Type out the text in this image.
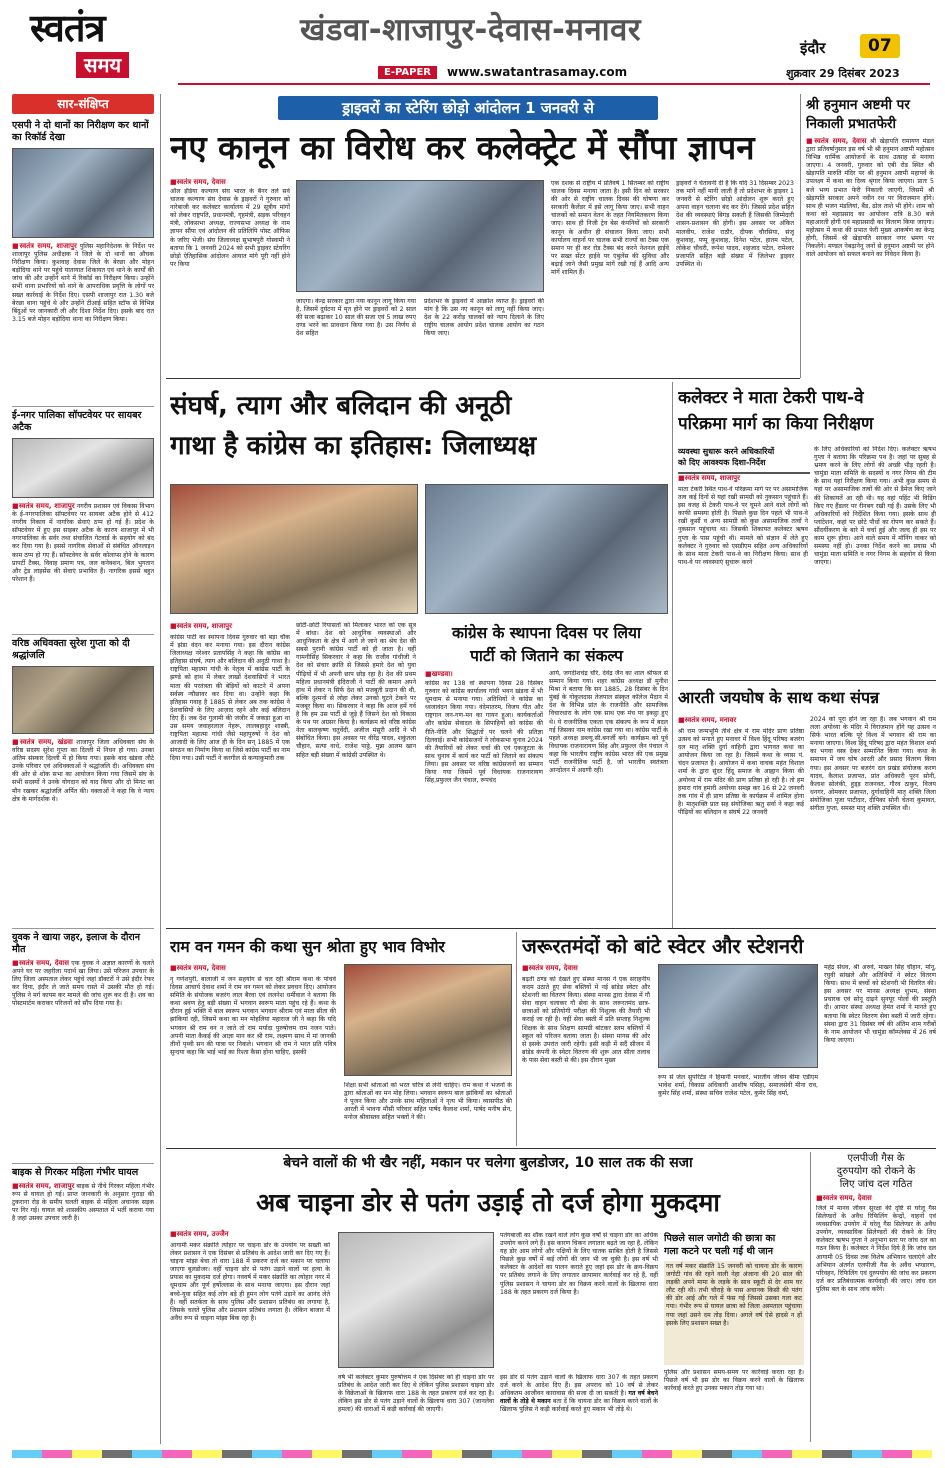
स्वतंत्र
समय
खंडवा-शाजापुर-देवास-मनावर
E-PAPER	www.swatantrasamay.com
इंदौर	07
शुक्रवार 29 दिसंबर 2023
सार-संक्षिप्त
एसपी ने दो थानों का निरीक्षण कर थानों का रिकॉर्ड देखा
■ स्वतंत्र समय, शाजापुर पुलिस महानिदेशक के निर्देश पर शाजापुर पुलिस अधीक्षक ने जिले के दो थानों का औचक निरीक्षण किया। कुशवाह देवास जिले के बेरछा और मोहन बड़ोदिया थाने पर पहुंचे यातायात शिकायत एवं थाने के कार्यों की जांच की और उन्होंने थाने में रिकॉर्ड का निरीक्षण किया। उन्होंने सभी थाना प्रभारियों को थाने के आपराधिक प्रवृत्ति के लोगों पर सख्त कार्रवाई के निर्देश दिए। एसपी शाजापुर रात 1.30 बजे बेरछा थाना पहुंचे थे और उन्होंने टीआई सहित स्टॉफ से विभिन्न बिंदुओं पर जानकारी ली और दिशा निर्देश दिए। इसके बाद रात 3.15 बजे मोहन बड़ोदिया थाना का निरीक्षण किया।
ई-नगर पालिका सॉफ्टवेयर पर सायबर अटैक
■ स्वतंत्र समय, शाजापुर नगरीय प्रशासन एवं विकास विभाग के ई-नगरपालिका सॉफ्टवेयर पर सायबर अटैक होने से 412 नगरीय निकाय में नागरिक सेवाएं ठप्प हो गई हैं। प्रदेश के सॉफ्टवेयर में हुए इस साइबर अटैक के कारण शाजापुर में भी नगरपालिका के सर्वर तथा संचालित गेटवार्ड के सहयोग को बंद कर दिया गया है। इससे नागरिक सेवाओं से संबंधित ऑनलाइन काम ठप्प हो गए हैं। सॉफ्टवेयर के सर्वर कोलाप्स होने के कारण प्रापर्टी टैक्स, विवाह प्रमाण पत्र, जल कनेक्शन, बिल भुगतान और ट्रेड लाइसेंस की सेवाएं प्रभावित हैं। नागरिक इससे बहुत परेशान हैं।
वरिष्ठ अधिवक्ता सुरेश गुप्ता को दी श्रद्धांजलि
■ स्वतंत्र समय, खंडवा शाजापुर जिला अधिवक्ता संघ के वरिष्ठ सदस्य सुरेश गुप्ता का दिल्ली में निधन हो गया। उनका अंतिम संस्कार दिल्ली में हो किया गया। इसके बाद खंडवा लौटे उनके परिवार एवं अधिवक्ताओं ने श्रद्धांजलि दी। अधिवक्ता संघ की ओर से शोक सभा का आयोजन किया गया जिसमें संघ के सभी सदस्यों ने उनके योगदान को याद किया और दो मिनट का मौन रखकर श्रद्धांजलि अर्पित की। वक्ताओं ने कहा कि वे न्याय क्षेत्र के मार्गदर्शक थे।
युवक ने खाया जहर, इलाज के दौरान मौत
■ स्वतंत्र समय, देवास एक युवक ने अज्ञात कारणों के चलते अपने घर पर जहरीला पदार्थ खा लिया। उसे परिजन उपचार के लिए जिला अस्पताल लेकर पहुंचे जहां डॉक्टरों ने उसे इंदौर रेफर कर दिया, इंदौर ले जाते समय रास्ते में उसकी मौत हो गई। पुलिस ने मर्ग कायम कर मामले की जांच शुरू कर दी है। शव का पोस्टमार्टम कराकर परिजनों को सौंप दिया गया है।
बाइक से गिरकर महिला गंभीर घायल
■ स्वतंत्र समय, शाजापुर बाइक से नीचे गिरकर महिला गंभीर रूप से घायल हो गई। प्राप्त जानकारी के अनुसार गुराड़ा की टुकराना रोड़ के समीप चलती बाइक से महिला अचानक सड़क पर गिर गई। घायल को शासकीय अस्पताल में भर्ती कराया गया है जहां उसका उपचार जारी है।
ड्राइवरों का स्टेरिंग छोड़ो आंदोलन 1 जनवरी से
नए कानून का विरोध कर कलेक्ट्रेट में सौंपा ज्ञापन
■ स्वतंत्र समय, देवास
ऑल इंडिया कल्याण संघ भारत के बैनर तले सर्व चालक कल्याण संघ देवास के ड्राइवरों ने गुरुवार को नारेबाजी कर कलेक्टर कार्यालय में 29 सूत्रीय मांगों को लेकर राष्ट्रपति, प्रधानमंत्री, गृहमंत्री, सड़क परिवहन मंत्री, लोकसभा अध्यक्ष, राज्यसभा अध्यक्ष के नाम ज्ञापन सौंपा एवं आंदोलन की प्रतिलिपि पोस्ट ऑफिस के जरिए भेजी। संघ जिलाध्यक्ष सुभाषपुरी गोस्वामी ने बताया कि 1 जनवरी 2024 को सभी ड्राइवर स्टेयरिंग छोड़ो ऐतिहासिक आंदोलन आयात मांगे पूरी नहीं होने पर किया
जाएगा। केन्द्र सरकार द्वारा नया कानून लागू किया गया है, जिसमें दुर्घटना में मृत होने पर ड्राइवरों को 2 साल की सजा बढ़ाकर 10 साल की सजा एवं 5 लाख रुपए दण्ड भरने का प्रावधान किया गया है। उस निर्णय से देश सहित
प्रदेशभर के ड्राइवरों में आक्रोश व्याप्त है। ड्राइवरों की मांग है कि उस नए कानून को लागू नहीं किया जाए। देश के 22 करोड़ चालकों को न्याय दिलाने के लिए राष्ट्रीय चालक आयोग प्रदेश चालक आयोग का गठन किया जाए।
एक दशक से राष्ट्रीय में प्रतिवर्ष 1 सितम्बर को राष्ट्रीय चालक दिवस मनाया जाता है। इसी दिन को सरकार की ओर से राष्ट्रीय चालक दिवस की घोषणा कर सरकारी कैलेंडर में इसे लागू किया जाए। सभी वाहन चालकों को समान वेतन के तहत नियमितकरण किया जाए। साथ ही निजी ट्रेव बेस कंपनियों को सरकारी कानून के अधीन ही संचालन किया जाए। सभी कार्यालय वाहनों पर चालक सभी राज्यों का टैक्स एक समान पर ही कर रोड टैक्स बंद करने नेशनल हाईवे पर सख्त सेंटर हाईवे पर एंबुलेंस की सुविधा और बढ़ाई जाने जैसी प्रमुख मांगें रखी गई हैं आदि अन्य मांगें शामिल हैं।
ड्राइवरों ने चेतावनी दी है कि यदि 31 दिसम्बर 2023 तक मांगें नहीं मानी जाती हैं तो प्रदेशभर के ड्राइवर 1 जनवरी से स्टेरिंग छोड़ो आंदोलन शुरू करते हुए अपना वाहन चलाना बंद कर देंगे। जिससे प्रदेश सहित देश की व्यवस्थाएं बिगड़ सकती हैं जिसकी जिम्मेदारी शासन-प्रशासन की होगी। इस अवसर पर अंकित मालवीय, राजेश राठौर, दीपक चौरसिया, संजू कुशवाह, पप्पू कुशवाह, दिनेश पटेल, हातम पटेल, लोकेश चौधरी, रूपेश यादव, शहजाद पटेल, रामेश्वर प्रजापति सहित बड़ी संख्या में जिलेभर ड्राइवर उपस्थित थे।
श्री हनुमान अष्टमी पर
निकाली प्रभातफेरी
■ स्वतंत्र समय, देवास श्री खेड़ापति रामायण मंडल द्वारा प्रतिवर्षानुसार इस वर्ष भी श्री हनुमान अष्टमी महोत्सव विभिन्न धार्मिक आयोजनों के साथ उत्साह से मनाया जाएगा। 4 जनवरी, गुरुवार को एबी रोड स्थित श्री खेड़ापति मारुति मंदिर पर श्री हनुमान अष्टमी महापर्व के उपलक्ष्य में कथा का दिव्य श्रृंगार किया जाएगा। प्रातः 5 बजे भव्य प्रभात फेरी निकाली जाएगी, जिसमें श्री खेड़ापति सरकार अपने नवीन रथ पर विराजमान होंगे। साथ ही भजन मंडलियां, बैंड, ढोल ताशे भी होंगे। शाम को कथा को महाप्रसाद का आयोजन रात्रि 8.30 बजे महाआरती होगी एवं महाप्रसादी का वितरण किया जाएगा। महोत्सव में कथा की प्रभात फेरी मुख्य आकर्षण का केन्द्र होगी, जिसमें श्री खेड़ापति सरकार नगर भ्रमण पर निकलेंगे। मण्डल नेबढ़ानेनू जनों से हनुमान अष्टमी पर होने वाले आयोजन को सफल बनाने का निवेदन किया है।
संघर्ष, त्याग और बलिदान की अनूठी
गाथा है कांग्रेस का इतिहास: जिलाध्यक्ष
■ स्वतंत्र समय, शाजापुर
कांग्रेस पार्टी का स्थापना दिवस गुरुवार को बड़ा चौक में झंडा वंदन कर मनाया गया। इस दौरान कांग्रेस जिलाध्यक्ष नरेश्वर प्रतापसिंह ने कहा कि कांग्रेस का इतिहास संघर्ष, त्याग और बलिदान की अनूठी गाथा है। राष्ट्रपिता महात्मा गांधी के नेतृत्व में कांग्रेस पार्टी के झण्डे को हाथ में लेकर लाखों देशवासियों ने भारत माता की परतंत्रता की बेड़ियों को काटने में अपना सर्वस्व न्यौछावर कर दिया था। उन्होंने कहा कि इतिहास गवाह है 1885 से लेकर अब तक कांग्रेस ने देशवासियों के लिए आज़ाद रहने और कई बलिदान दिए हैं। जब देश गुलामी की जंजीर में जकड़ा हुआ था उस समय जवाहरलाल नेहरू, लालबहादुर शास्त्री, राष्ट्रपिता महात्मा गांधी जैसे महापुरुषों ने देश को आजादी के लिए आज ही के दिन सन् 1885 में एक संगठन का निर्माण किया था जिसे कांग्रेस पार्टी का नाम दिया गया। उसी पार्टी ने करगील से कन्याकुमारी तक
छोटी-छोटी रियासतों को मिलाकर भारत को एक सूत्र में बांधा। देश को आधुनिक व्यवस्थाओं और आधुनिकता के क्षेत्र में आगे ले जाने का श्रेय देश की सबसे पुरानी कांग्रेस पार्टी को ही जाता है। वहीं गामनीसिंह सिकरवार ने कहा कि राजीव गांधीजी ने देश को संचार क्रांति से जिससे हमारे देश को युवा पीढ़ियों में भी अपनी छाप छोड़ रहा है। देश की प्रथम महिला प्रधानमंत्री इंदिराजी ने पार्टी की कमान अपने हाथ में लेकर न सिर्फ देश को मजबूती प्रदान की थी, बल्कि दुश्मनों से लोहा लेकर उनको घुटने टेकने पर मजबूर किया था। सिकरवार ने कहा कि आज हमें गर्व है कि हम उस पार्टी से जुड़े हैं जिसने देश को विकास के पथ पर अग्रसर किया है। कार्यक्रम को वरिष्ठ कांग्रेस नेता बालकृष्ण चतुर्वेदी, अजीज मंसूरी आदि ने भी संबोधित किया। इस अवसर पर वीरेंद्र यादव, शकुंतला चौहान, सत्या वाधे, राजेश पाठ्ठे, मुन्ना आलम खान सहित बड़ी संख्या में कांग्रेसी उपस्थित थे।
कांग्रेस के स्थापना दिवस पर लिया
पार्टी को जिताने का संकल्प
■ खण्डवा।
कांग्रेस का 138 वां स्थापना दिवस 28 दिसंबर गुरुवार को कांग्रेस कार्यालय गांधी भवन खंडवा में भी धूमधाम से मनाया गया। अतिथियों ने कांग्रेस का ध्वजावंदन किया गया। वंदेमातरम, विजय गीत और राष्ट्रगान जन-गण-मन का गायन हुआ। कार्यकर्ताओं और कांग्रेस सेवादल के सिपाहियों को कांग्रेस की रीति-नीति और सिद्धांतों पर चलने की प्रतिज्ञा दिलवाई। सभी कांग्रेसजनों ने लोकसभा चुनाव 2024 की तैयारियों को लेकर चर्चा की एवं एकजुटता के साथ चुनाव में कार्य कर पार्टी को जिताने का संकल्प लिया। इस अवसर पर वरिष्ठ कांग्रेसजनों का सम्मान किया गया जिसमें पूर्व विधायक राजनारायण सिंह,प्रफुल्ल जैन पंचाल, रूपचंद
आर्य, जगदीशचंद्र चौरे, देवेंद्र जैन का शाल श्रीफल से सम्मान किया गया। शहर कांग्रेस अध्यक्ष डॉ मुनीश मिश्रा ने बताया कि सन 1885, 28 दिसंबर के दिन मुंबई के गोकुलदास तेजपाल संस्कृत कॉलेज मैदान में देश के विभिन्न प्रांत के राजनीति और सामाजिक विचारधारा के लोग एक साथ एक मंच पर इकट्ठा हुए थे। ये राजनीतिक एकता एक संकल्प के रूप में बदल गई जिसका नाम कांग्रेस रखा गया था। कांग्रेस पार्टी के पहले अध्यक्ष डब्ल्यू.सी.बनर्जी बने। कार्यक्रम को पूर्व विधायक राजनारायण सिंह और प्रफुल्ल जैन पंचाल ने कहा कि भारतीय राष्ट्रीय कांग्रेस भारत की एक प्रमुख पार्टी राजनीतिक पार्टी है, जो भारतीय स्वतंत्रता आन्दोलन में अग्रणी रही।
कलेक्टर ने माता टेकरी पाथ-वे
परिक्रमा मार्ग का किया निरीक्षण
व्यवस्था सुधारू करने अधिकारियों
को दिए आवश्यक दिशा-निर्देश
■ स्वतंत्र समय, शाजापुर
माता टेकरी स्थित पाथ-वे परिक्रमा मार्ग पर पर असामाजिक तत्व कई दिनों से यहां रखी सामग्री को नुकसान पहुंचाते हैं। इस वजह से टेकरी पाथ-वे पर घूमने आने वाले लोगों को काफी समस्या होती है। पिछले कुछ दिन पहले भी पाथ-वे रखी कुर्सी व अन्य सामग्री को कुछ असामाजिक तत्वों ने नुकसान पहुंचाया था। जिसकी शिकायत कलेक्टर ऋषव गुप्ता के पास पहुंची थी। मामले को संज्ञान में लेते हुए कलेक्टर ने गुरुवार को एसडीएम सहित अन्य अधिकारियों के साथ माता टेकरी पाथ-वे का निरीक्षण किया। साथ ही पाथ-वे पर व्यवस्थाएं सुचारू करने
के लिए अधिकारियों को निर्देश दिए। कलेक्टर ऋषभ गुप्ता ने बताया कि परिक्रमा पथ है। जहां पर सुबह से भ्रमण करने के लिए लोगों की अच्छी भीड़ रहती है। चामुंडा माता समिति के सदस्यों व नगर निगम की टीम के साथ यहां निरीक्षण किया गया। अभी कुछ समय से यहां पर असामाजिक तत्वों की ओर से डैमेज किए जाने की शिकायतें आ रही थी। यह वहां पहिंट भी विडिंग किए गए हैंडलर पर रीनबग रखी गई हैं। उसके लिए भी अधिकारियों को निर्देशित किया गया। इसके साथ ही प्लांटेशन, कहां पर छोटे पौधों का रोपण कर सकते हैं। सौंदर्यीकरण के बारे में चर्चा हुई और जल्द ही इस पर काम शुरू होगा। आने वाले समय में मॉनिंग वाकर को समस्या नहीं हो। उनका निर्देश करने का प्रयास भी चामुंडा माता समिति व नगर निगम के सहयोग से किया जाएगा।
आरती जयघोष के साथ कथा संपन्न
■ स्वतंत्र समय, मनावर
श्री राम जन्मभूमि तीर्थ क्षेत्र मे राम मंदिर प्राण प्रतिष्ठा उत्सव को मनाते हुए मनावर में विश्व हिंदू परिषद बजरंग दल मातृ शक्ति दुर्गा वाहिनी द्वारा भागवत कथा का आयोजन किया जा रहा है। जिसमें कथा के व्यास पं. चंदन प्रजापत है। आयोजन में कथा वाचक महंत विशाल शर्मा के द्वारा सुंदर हिंदू समाज के आह्वान किया की अयोध्या में राम मंदिर की प्राण प्रतिष्ठा हो रही है। तो हम हमारा गांव हमारी अयोध्या समझ कर 16 से 22 जनवरी तक गांव में ही प्राण प्रतिष्ठा के कार्यक्रम में शामिल होना है। मातृशक्ति प्रात सह संयोजिका ऋतु सर्वा ने कहा कई पीढ़ियों का बलिदान व संघर्ष 22 जनवरी
2024 को पूरा होने जा रहा है। जब भगवान श्री राम लला अयोध्या के मंदिर में विराजमान होंगे यह उत्सव न सिर्फ भारत बल्कि पूरे विश्व में भगवान श्री राम का मनाया जाएगा। विश्व हिंदू परिषद द्वारा महंत विशाल शर्मा का भगवा वस्त्र देकर सम्मानित किया गया। कथा के समापन में जय घोष आरती और प्रसाद वितरण किया गया। इस अवसर पर बजरंग दल प्रखंड संयोजक करण यादव, कैलाश प्रजापत, प्रांत अधिकारी पूरन सोनी, कैलाश सोलंकी, हुड्ड़ राजनवत, गौरव ठाकुर, विजय धनगर, ओमकार प्रजापत, दुर्गावाहिनी मातृ शक्ति जिला संयोजिका पूजा पाटीदार, दीपिका सोनी चेतना कुमावत, संगीता गुप्ता, समस्त मातृ शक्ति उपस्थित थी।
राम वन गमन की कथा सुन श्रोता हुए भाव विभोर
■ स्वतंत्र समय, देवास
नृ गणेशपुरी, बालाजी मं जन सहयोग से चल रही श्रीराम कथा के पांचवे दिवस आचार्य देवाश शर्मा ने राम वन गमन को लेकर प्रवचन दिए। आयोजन समिति के संयोजक बजरंग लाल बैरवा एवं ललनेश धर्मीवाल ने बताया कि कथा श्रवण हेतु बड़ी संख्या में भगवान स्वरूप माता पहुंच रहे हैं। कथा के दौरान हुई भक्ति में बाल स्वरूप भगवान भगवान श्रीराम एवं माता सीता की झांकियां रही, जिसमें कथा का मन मोहलिया महाराज जी ने कहा कि यदि भगवान श्री राम वन न जाते तो राम मर्यादा पुरुषोत्तम राम नजन पाते। अपनी माता कैकई की आज्ञा मान कर श्री राम, लक्ष्मण साथ में मां जानकी तीनों पृथ्वी सन की यात्रा पर निकले। भगवान श्री राम ने भरत प्रति पवित्र सुन्दया कहा कि भाई भाई का रिश्ता कैसा होना चाहिए, इसकी
शिक्षा सभी श्रोताओं को भरत चरित्र से लेनी चाहिए। राम कथा ने भजनों के द्वारा श्रोताओं का मन मोह लिया। भगवान स्वरूप बाल झांकियों का श्रोताओं ने पूजन किया और उनके साथ महिलाओं ने नृत्य भी किया। व्यासपीठ की आरती में भावना मौसी परिवार सहित पार्षद कैलाश शर्मा, पार्षद मनीष सेन, मनोज श्रीवास्तव सहित भक्तों ने की।
जरूरतमंदों को बांटे स्वेटर और स्टेशनरी
■ स्वतंत्र समय, देवास
बढ़ती ठण्ड को देखते हुए संस्था मानस ने एक सराहनीय कदम उठाते हुए सेवा बस्तियों में नई ब्रांडेड स्वेटर और स्टेशनरी का वितरण किया। संस्था मानस द्वारा देवास में गौ सेवा वाहन चलाकर गौ सेवा के साथ जरूरतमंद छात्र-छात्राओं को प्रतियोगी परीक्षा की निशुल्क की तैयारी भी कराई जा रही है। वहीं सेवा बस्ती में प्रति सप्ताह निशुल्क शिक्षक के साथ शिक्षण सामग्री बांटकर स्लम बस्तियों में स्कूल को परिजन बताया जाता है। संस्था मानस की ओर से इसके उपरांत जारी रहेगी। इसी कड़ी में सदैं सीजन में ब्रांडेड कंपनी के स्वेटर वितरण की शुरू आत सीता तलाब के पास सेवा बस्ती से की। इस दौरान मुख्य
रूप से जेल सुपरिंटेंड ने हिमानी मनवारे, भारतीय जीवन बीमा एडीएम भावेश शर्मा, विकास अधिकारी आशीष पसिहा, समाजसेवी मीना राव, कुमेर सिंह शर्मा, संस्था सचिव राजेश पटेल, कुमेर सिंह वर्मा,
महेंद्र सेंधव, श्री अरुवे, माखन सिंह चौहान, मोनू, रघुवी सांखले और अतिथियों ने स्वेटर वितरण किया। साथ में बच्चों को स्टेशनरी भी वितरित की। इस अवसर पर मानस अध्यक्ष शुभम, संस्था प्रचारक एवं सोनू दाढ़ने सुनयूर पोलों की प्रस्तुति दी। आपार संस्था अध्यक्ष हेमंत शर्मा ने मानते हुए बताया कि स्वेटर वितरण सेवा बस्ती में जारी रहेगा। संस्था द्वारा 31 दिसंबर वर्ष की अंतिम शाम गरीबों के नाम आयोजन भी चामुंडा कॉम्प्लेक्स में 26 वर्ष किया जाएगा।
बेचने वालों की भी खैर नहीं, मकान पर चलेगा बुलडोजर, 10 साल तक की सजा
अब चाइना डोर से पतंग उड़ाई तो दर्ज होगा मुकदमा
■ स्वतंत्र समय, उज्जैन
आगामी मकर संक्रांति त्योहार पर चाइना डोर के उपयोग पर सख्ती को लेकर प्रशासन ने एक दिसंबर से प्रतिबंध के आदेश जारी कर दिए गए हैं। चाइना मांझा बेचा तो धारा 188 में प्रकरण दर्ज कर मकान पर चलाया जाएगा बुलडोजर। वहीं चाइना डोर से पतंग उड़ाने वालों पर हत्या के प्रयास का मुकदमा दर्ज होगा। नववर्ष में मकर संक्रांति का त्योहार नगर में धूमधाम और पूर्ण हर्षोल्लास के साथ मनाया जाएगा। इस दौरान जहां बच्चे-युवा सहित कई लोग बड़े ही हुमन लोग पतंगे उड़ाने का आनंद लेते हैं। वहीं सतर्कता के साथ पुलिस और प्रशासन प्रतिबंध का लगाया है, जिसके चलते पुलिस और प्रशासन प्रतिबंध लगाता है। लेकिन बाजार में अवैध रूप से चाइना मांझा बिक रहा है।
पतंगबाजी का शौक रखने वाले लोग कुछ वर्षों से चाइना डोर का अधिक उपयोग करने लगे हैं। इस कारण चिकन लगातार बढ़ते जा रहा है, लेकिन यह डोर आम लोगों और पक्षियों के लिए घातक साबित होती है जिससे पिछले कुछ वर्षों में कई लोगों की जान भी जा चुकी है। इस वर्ष भी कलेक्टर के आदेशों का पालन कराते हुए जहां इस डोर के क्रय-विक्रय पर प्रतिबंध लगाने के लिए लगातार छापामार कार्रवाई कर रहे हैं, वहीं पुलिस प्रशासन ने चायना डोर का विक्रय करने वालों के खिलाफ धारा 188 के तहत प्रकरण दर्ज किया है।
वर्ष भी कलेक्टर कुमार पुरुषोत्तम ने एक दिसंबर को ही चाइना डोर पर प्रतिबंध के आदेश जारी कर दिए थे लेकिन पुलिस प्रशासन चाइना डोर के विक्रेताओं के खिलाफ धारा 188 के तहत प्रकरण दर्ज कर रहा है। लेकिन इस डोर से पतंग उड़ाने वालों के खिलाफ धारा 307 (जानलेवा हमला) की धाराओं में कड़ी कार्रवाई की जाएगी।
इस डोर से पतंग उड़ाने वालों के खिलाफ धारा 307 के तहत प्रकरण दर्ज करने के आदेश दिए हैं। इस अपराध को 10 वर्ष से लेकर अधिकतम आजीवन कारावास की सजा दी जा सकती है। गत वर्ष बेचने वालों के तोड़े थे मकान बता दें कि चायना डोर का विक्रय करने वालों के खिलाफ पुलिस ने कड़ी कार्रवाई करते हुए मकान भी तोड़े थे।
पिछले साल जगोटी की छात्रा का
गला कटने पर चली गई थी जान
गत वर्ष मकर संक्रांति 15 जनवरी को चायना डोर के कारण जगोटी गांव की रहने वाली नेहा अंजाना की 20 साल की लड़की अपने मामा के लड़के के साथ स्कूटी से देर शाम घर लौट रही थी। तभी चौराहे के पास अचानक किसी की पतंग की डोर आई और गले में फंस गई जिससे उसका गला कट गया। गंभीर रूप से घायल छात्रा को जिला अस्पताल पहुंचाया गया जहां उसने दम तोड़ दिया। अगले वर्ष ऐसे हादसे न हों इसके लिए प्रशासन सख्त है।
पुलिस और प्रशासन समय-समय पर कार्रवाई करता रहा है। पिछले वर्ष भी इस डोर का विक्रय करने वालों के खिलाफ कार्रवाई करते हुए उनका मकान तोड़ गया था।
एलपीजी गैस के
दुरुपयोग को रोकने के
लिए जांच दल गठित
■ स्वतंत्र समय, देवास
जिले में मानव जीवन सुरक्षा की दृष्टि से घरेलू गैस सिलेण्डरों के अवैध रिफिलिंग केन्द्रों, वाहनों एवं व्यवसायिक उपयोग में घरेलू गैस सिलेण्डर के अवैध उपयोग, व्यवसायिक सिलेण्डरों की रोकने के लिए कलेक्टर ऋषभ गुप्ता ने अनुभाग स्तर पर जांच दल का गठन किया है। कलेक्टर ने निर्देश दिये है कि जांच दल आगामी 05 दिवस तक विशेष अभियान चलाएंगे और अभियान अंतर्गत एलपीजी गैस के अवैध भण्डारण, परिवहन, रिफिलिंग एवं दुरुपयोग की जांच कर प्रकरण दर्ज कर प्रतिबंधात्मक कार्यवाही की जाए। जांच दल पुलिस बल के साथ जांच करेंगे।
